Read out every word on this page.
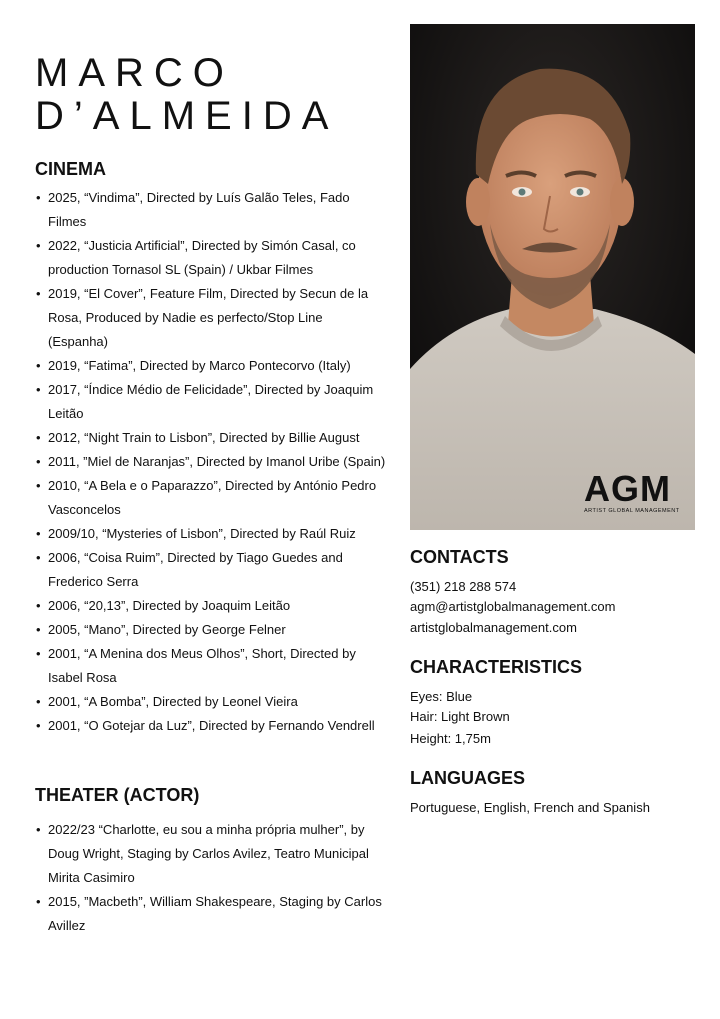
MARCO
D’ALMEIDA
CINEMA
• 2025, “Vindima”, Directed by Luís Galão Teles, Fado Filmes
• 2022, “Justicia Artificial”, Directed by Simón Casal, co production Tornasol SL (Spain) / Ukbar Filmes
• 2019, “El Cover”, Feature Film, Directed by Secun de la Rosa, Produced by Nadie es perfecto/Stop Line (Espanha)
• 2019, “Fatima”, Directed by Marco Pontecorvo (Italy)
• 2017, “Índice Médio de Felicidade”, Directed by Joaquim Leitão
• 2012, “Night Train to Lisbon”, Directed by Billie August
• 2011, ”Miel de Naranjas”, Directed by Imanol Uribe (Spain)
• 2010, “A Bela e o Paparazzo”, Directed by António Pedro Vasconcelos
• 2009/10, “Mysteries of Lisbon”, Directed by Raúl Ruiz
• 2006, “Coisa Ruim”, Directed by Tiago Guedes and Frederico Serra
• 2006, “20,13”, Directed by Joaquim Leitão
• 2005, “Mano”, Directed by George Felner
• 2001, “A Menina dos Meus Olhos”, Short, Directed by Isabel Rosa
• 2001, “A Bomba”, Directed by Leonel Vieira
• 2001, “O Gotejar da Luz”, Directed by Fernando Vendrell
THEATER (ACTOR)
• 2022/23 “Charlotte, eu sou a minha própria mulher”, by Doug Wright, Staging by Carlos Avilez, Teatro Municipal Mirita Casimiro
• 2015, ”Macbeth”, William Shakespeare, Staging by Carlos Avillez
AGM
ARTIST GLOBAL MANAGEMENT
CONTACTS

(351) 218 288 574

agm@artistglobalmanagement.com

artistglobalmanagement.com

CHARACTERISTICS

Eyes: Blue

Hair: Light Brown

Height: 1,75m

LANGUAGES

Portuguese, English, French and Spanish
